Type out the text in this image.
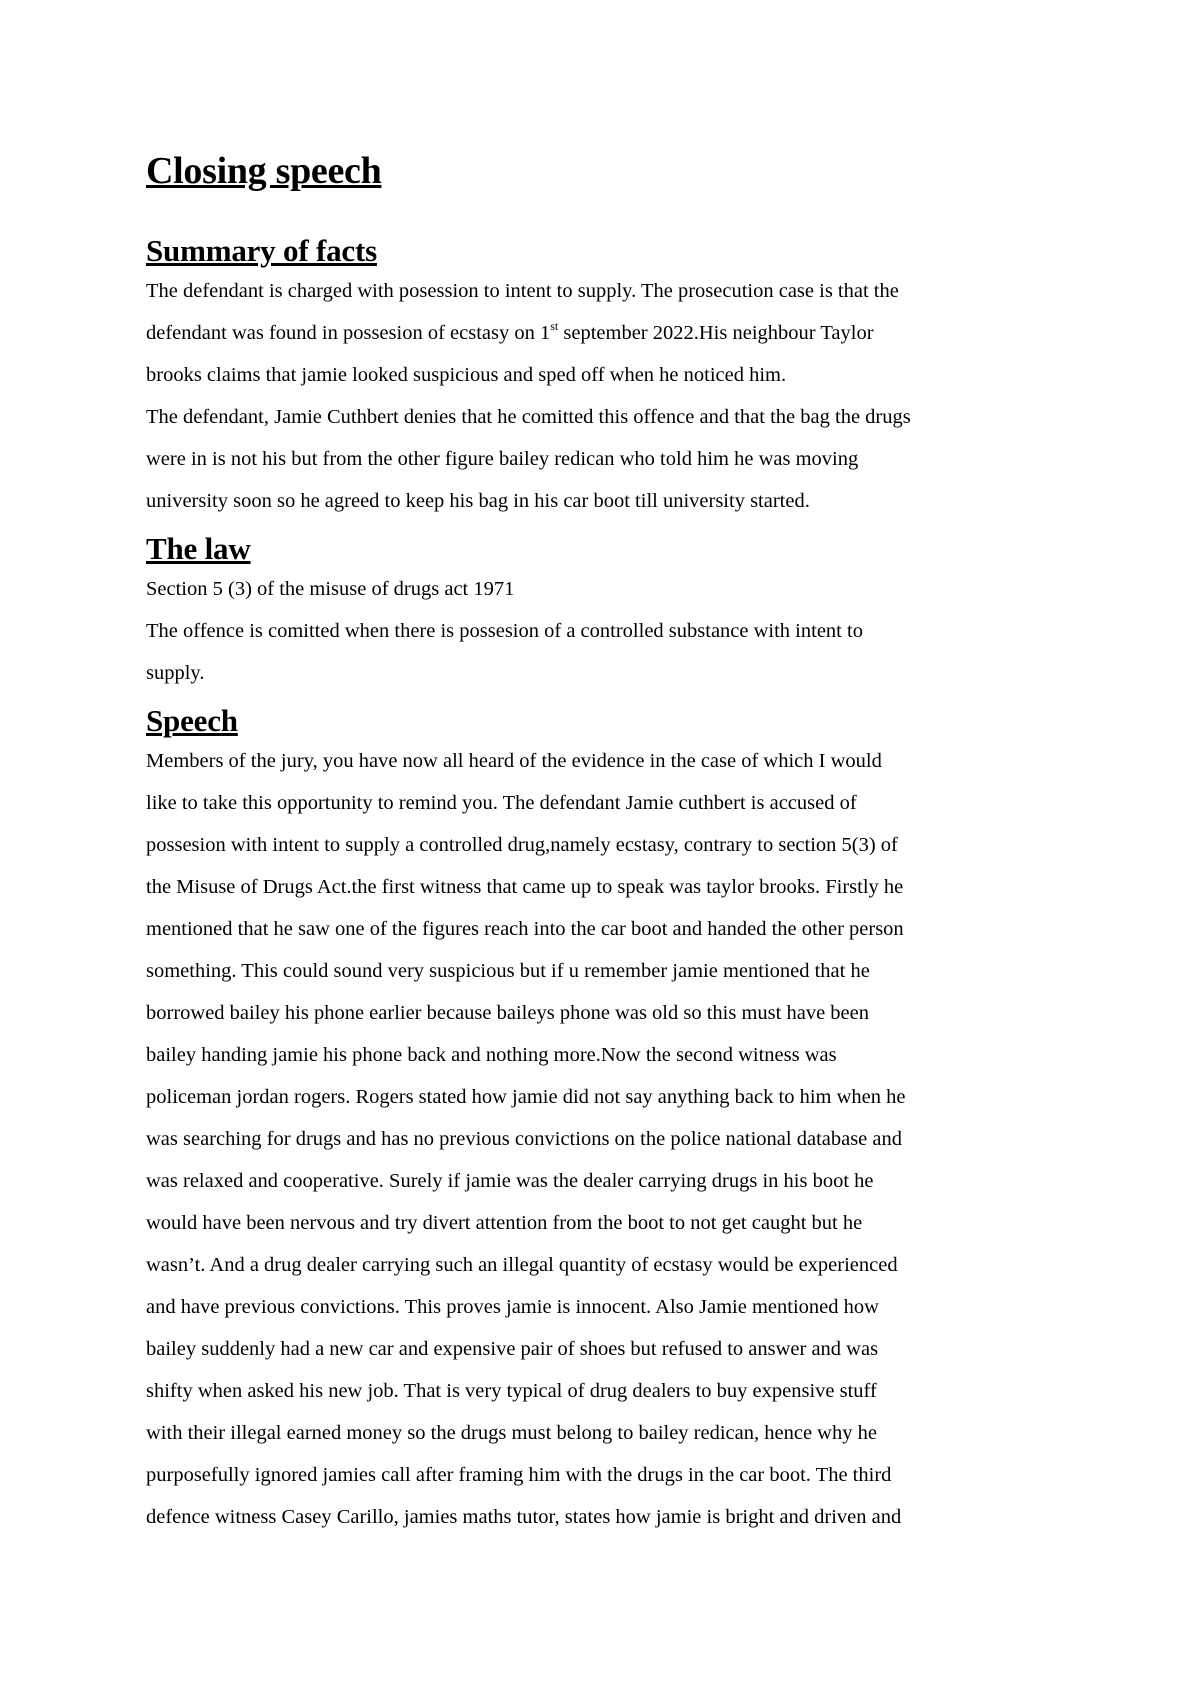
Closing speech
Summary of facts
The defendant is charged with posession to intent to supply. The prosecution case is that the
defendant was found in possesion of ecstasy on 1st september 2022.His neighbour Taylor
brooks claims that jamie looked suspicious and sped off when he noticed him.
The defendant, Jamie Cuthbert denies that he comitted this offence and that the bag the drugs
were in is not his but from the other figure bailey redican who told him he was moving
university soon so he agreed to keep his bag in his car boot till university started.
The law
Section 5 (3) of the misuse of drugs act 1971
The offence is comitted when there is possesion of a controlled substance with intent to
supply.
Speech
Members of the jury, you have now all heard of the evidence in the case of which I would
like to take this opportunity to remind you. The defendant Jamie cuthbert is accused of
possesion with intent to supply a controlled drug,namely ecstasy, contrary to section 5(3) of
the Misuse of Drugs Act.the first witness that came up to speak was taylor brooks. Firstly he
mentioned that he saw one of the figures reach into the car boot and handed the other person
something. This could sound very suspicious but if u remember jamie mentioned that he
borrowed bailey his phone earlier because baileys phone was old so this must have been
bailey handing jamie his phone back and nothing more.Now the second witness was
policeman jordan rogers. Rogers stated how jamie did not say anything back to him when he
was searching for drugs and has no previous convictions on the police national database and
was relaxed and cooperative. Surely if jamie was the dealer carrying drugs in his boot he
would have been nervous and try divert attention from the boot to not get caught but he
wasn’t. And a drug dealer carrying such an illegal quantity of ecstasy would be experienced
and have previous convictions. This proves jamie is innocent. Also Jamie mentioned how
bailey suddenly had a new car and expensive pair of shoes but refused to answer and was
shifty when asked his new job. That is very typical of drug dealers to buy expensive stuff
with their illegal earned money so the drugs must belong to bailey redican, hence why he
purposefully ignored jamies call after framing him with the drugs in the car boot. The third
defence witness Casey Carillo, jamies maths tutor, states how jamie is bright and driven and
